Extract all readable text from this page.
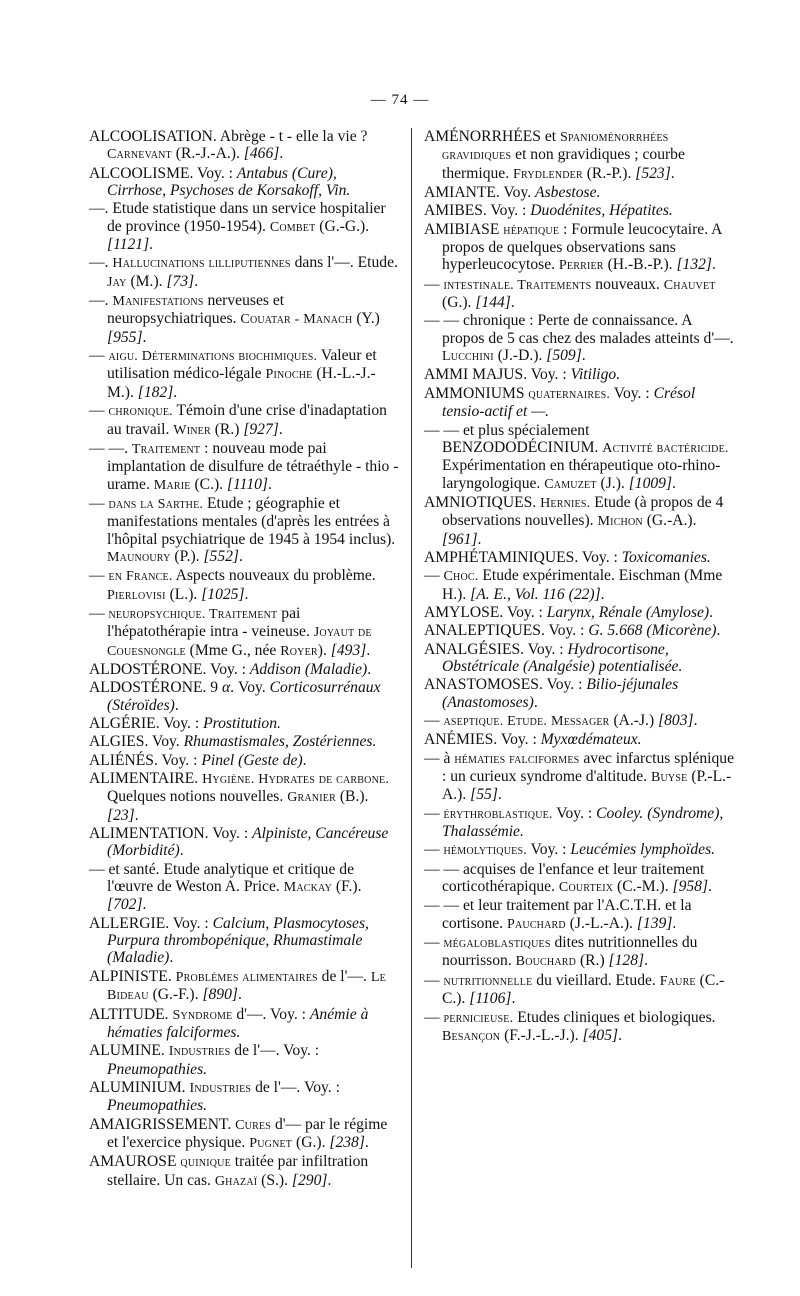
— 74 —
ALCOOLISATION. Abrège - t - elle la vie ? Carnevant (R.-J.-A.). [466].
ALCOOLISME. Voy. : Antabus (Cure), Cirrhose, Psychoses de Korsakoff, Vin.
—. Etude statistique dans un service hospitalier de province (1950-1954). Combet (G.-G.). [1121].
—. Hallucinations lilliputiennes dans l'—. Etude. Jay (M.). [73].
—. Manifestations nerveuses et neuropsychiatriques. Couatar - Manach (Y.) [955].
— aigu. Déterminations biochimiques. Valeur et utilisation médico-légale Pinoche (H.-L.-J.-M.). [182].
— chronique. Témoin d'une crise d'inadaptation au travail. Winer (R.) [927].
— —. Traitement : nouveau mode pai implantation de disulfure de tétraéthyle - thio - urame. Marie (C.). [1110].
— dans la Sarthe. Etude ; géographie et manifestations mentales (d'après les entrées à l'hôpital psychiatrique de 1945 à 1954 inclus). Maunoury (P.). [552].
— en France. Aspects nouveaux du problème. Pierlovisi (L.). [1025].
— neuropsychique. Traitement pai l'hépatothérapie intra - veineuse. Joyaut de Couesnongle (Mme G., née Royer). [493].
ALDOSTÉRONE. Voy. : Addison (Maladie).
ALDOSTÉRONE. 9 α. Voy. Corticosurrénaux (Stéroïdes).
ALGÉRIE. Voy. : Prostitution.
ALGIES. Voy. Rhumastismales, Zostériennes.
ALIÉNÉS. Voy. : Pinel (Geste de).
ALIMENTAIRE. Hygiène. Hydrates de carbone. Quelques notions nouvelles. Granier (B.). [23].
ALIMENTATION. Voy. : Alpiniste, Cancéreuse (Morbidité).
— et santé. Etude analytique et critique de l'œuvre de Weston A. Price. Mackay (F.). [702].
ALLERGIE. Voy. : Calcium, Plasmocytoses, Purpura thrombopénique, Rhumastimale (Maladie).
ALPINISTE. Problèmes alimentaires de l'—. Le Bideau (G.-F.). [890].
ALTITUDE. Syndrome d'—. Voy. : Anémie à hématies falciformes.
ALUMINE. Industries de l'—. Voy. : Pneumopathies.
ALUMINIUM. Industries de l'—. Voy. : Pneumopathies.
AMAIGRISSEMENT. Cures d'— par le régime et l'exercice physique. Pugnet (G.). [238].
AMAUROSE quinique traitée par infiltration stellaire. Un cas. Ghazaï (S.). [290].
AMÉNORRHÉES et Spanioménorrhées gravidiques et non gravidiques ; courbe thermique. Frydlender (R.-P.). [523].
AMIANTE. Voy. Asbestose.
AMIBES. Voy. : Duodénites, Hépatites.
AMIBIASE hépatique : Formule leucocytaire. A propos de quelques observations sans hyperleucocytose. Perrier (H.-B.-P.). [132].
— intestinale. Traitements nouveaux. Chauvet (G.). [144].
— — chronique : Perte de connaissance. A propos de 5 cas chez des malades atteints d'—. Lucchini (J.-D.). [509].
AMMI MAJUS. Voy. : Vitiligo.
AMMONIUMS quaternaires. Voy. : Crésol tensio-actif et —.
— — et plus spécialement BENZODODÉCINIUM. Activité bactéricide. Expérimentation en thérapeutique oto-rhino-laryngologique. Camuzet (J.). [1009].
AMNIOTIQUES. Hernies. Etude (à propos de 4 observations nouvelles). Michon (G.-A.). [961].
AMPHÉTAMINIQUES. Voy. : Toxicomanies.
— Choc. Etude expérimentale. Eischman (Mme H.). [A. E., Vol. 116 (22)].
AMYLOSE. Voy. : Larynx, Rénale (Amylose).
ANALEPTIQUES. Voy. : G. 5.668 (Micorène).
ANALGÉSIES. Voy. : Hydrocortisone, Obstétricale (Analgésie) potentialisée.
ANASTOMOSES. Voy. : Bilio-jéjunales (Anastomoses).
— aseptique. Etude. Messager (A.-J.) [803].
ANÉMIES. Voy. : Myxœdémateux.
— à hématies falciformes avec infarctus splénique : un curieux syndrome d'altitude. Buyse (P.-L.-A.). [55].
— érythroblastique. Voy. : Cooley. (Syndrome), Thalassémie.
— hémolytiques. Voy. : Leucémies lymphoïdes.
— — acquises de l'enfance et leur traitement corticothérapique. Courteix (C.-M.). [958].
— — et leur traitement par l'A.C.T.H. et la cortisone. Pauchard (J.-L.-A.). [139].
— mégaloblastiques dites nutritionnelles du nourrisson. Bouchard (R.) [128].
— nutritionnelle du vieillard. Etude. Faure (C.-C.). [1106].
— pernicieuse. Etudes cliniques et biologiques. Besançon (F.-J.-L.-J.). [405].
